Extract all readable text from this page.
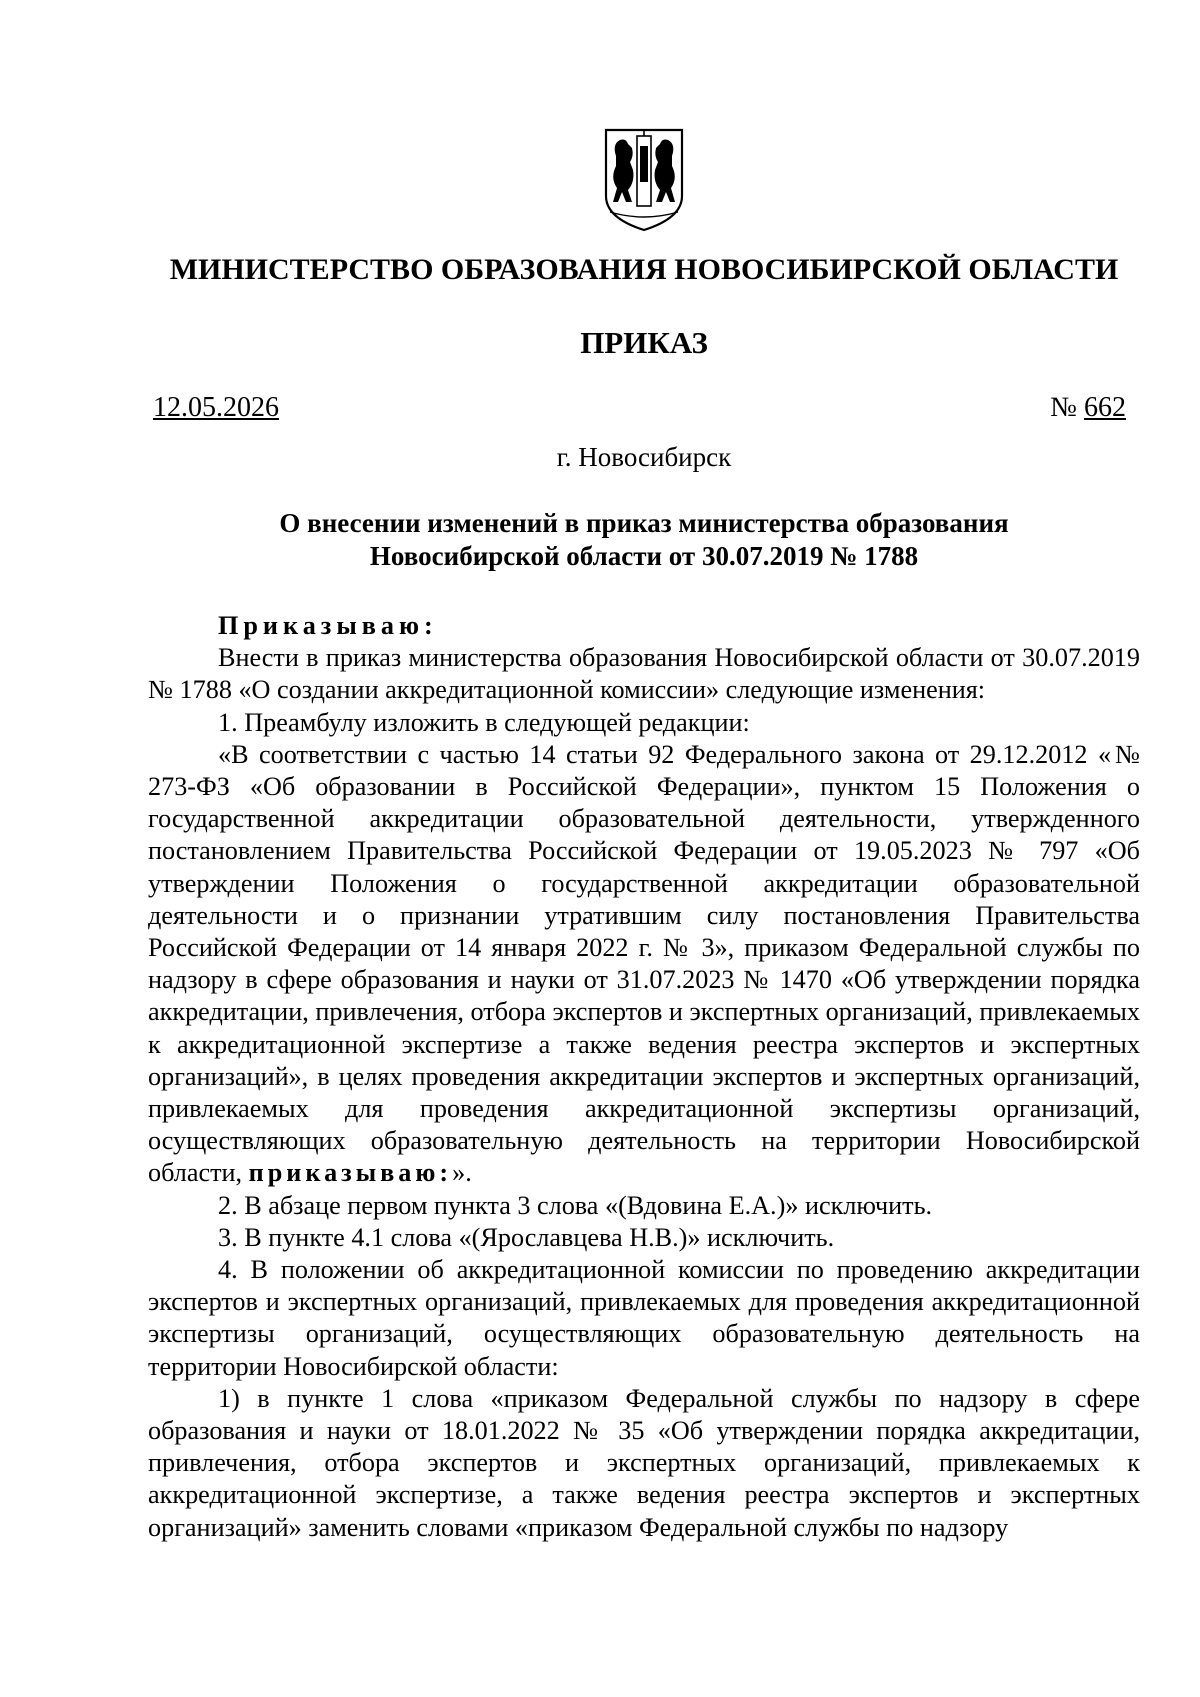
МИНИСТЕРСТВО ОБРАЗОВАНИЯ НОВОСИБИРСКОЙ ОБЛАСТИ
ПРИКАЗ
12.05.2026	№ 662
г. Новосибирск
О внесении изменений в приказ министерства образования
Новосибирской области от 30.07.2019 № 1788

Приказываю:

Внести в приказ министерства образования Новосибирской области от 30.07.2019 № 1788 «О создании аккредитационной комиссии» следующие изменения:

1. Преамбулу изложить в следующей редакции:

«В соответствии с частью 14 статьи 92 Федерального закона от 29.12.2012 «№ 273-ФЗ «Об образовании в Российской Федерации», пунктом 15 Положения о государственной аккредитации образовательной деятельности, утвержденного постановлением Правительства Российской Федерации от 19.05.2023 № 797 «Об утверждении Положения о государственной аккредитации образовательной деятельности и о признании утратившим силу постановления Правительства Российской Федерации от 14 января 2022 г. № 3», приказом Федеральной службы по надзору в сфере образования и науки от 31.07.2023 № 1470 «Об утверждении порядка аккредитации, привлечения, отбора экспертов и экспертных организаций, привлекаемых к аккредитационной экспертизе а также ведения реестра экспертов и экспертных организаций», в целях проведения аккредитации экспертов и экспертных организаций, привлекаемых для проведения аккредитационной экспертизы организаций, осуществляющих образовательную деятельность на территории Новосибирской области, приказываю:».

2. В абзаце первом пункта 3 слова «(Вдовина Е.А.)» исключить.

3. В пункте 4.1 слова «(Ярославцева Н.В.)» исключить.

4. В положении об аккредитационной комиссии по проведению аккредитации экспертов и экспертных организаций, привлекаемых для проведения аккредитационной экспертизы организаций, осуществляющих образовательную деятельность на территории Новосибирской области:

1) в пункте 1 слова «приказом Федеральной службы по надзору в сфере образования и науки от 18.01.2022 № 35 «Об утверждении порядка аккредитации, привлечения, отбора экспертов и экспертных организаций, привлекаемых к аккредитационной экспертизе, а также ведения реестра экспертов и экспертных организаций» заменить словами «приказом Федеральной службы по надзору
